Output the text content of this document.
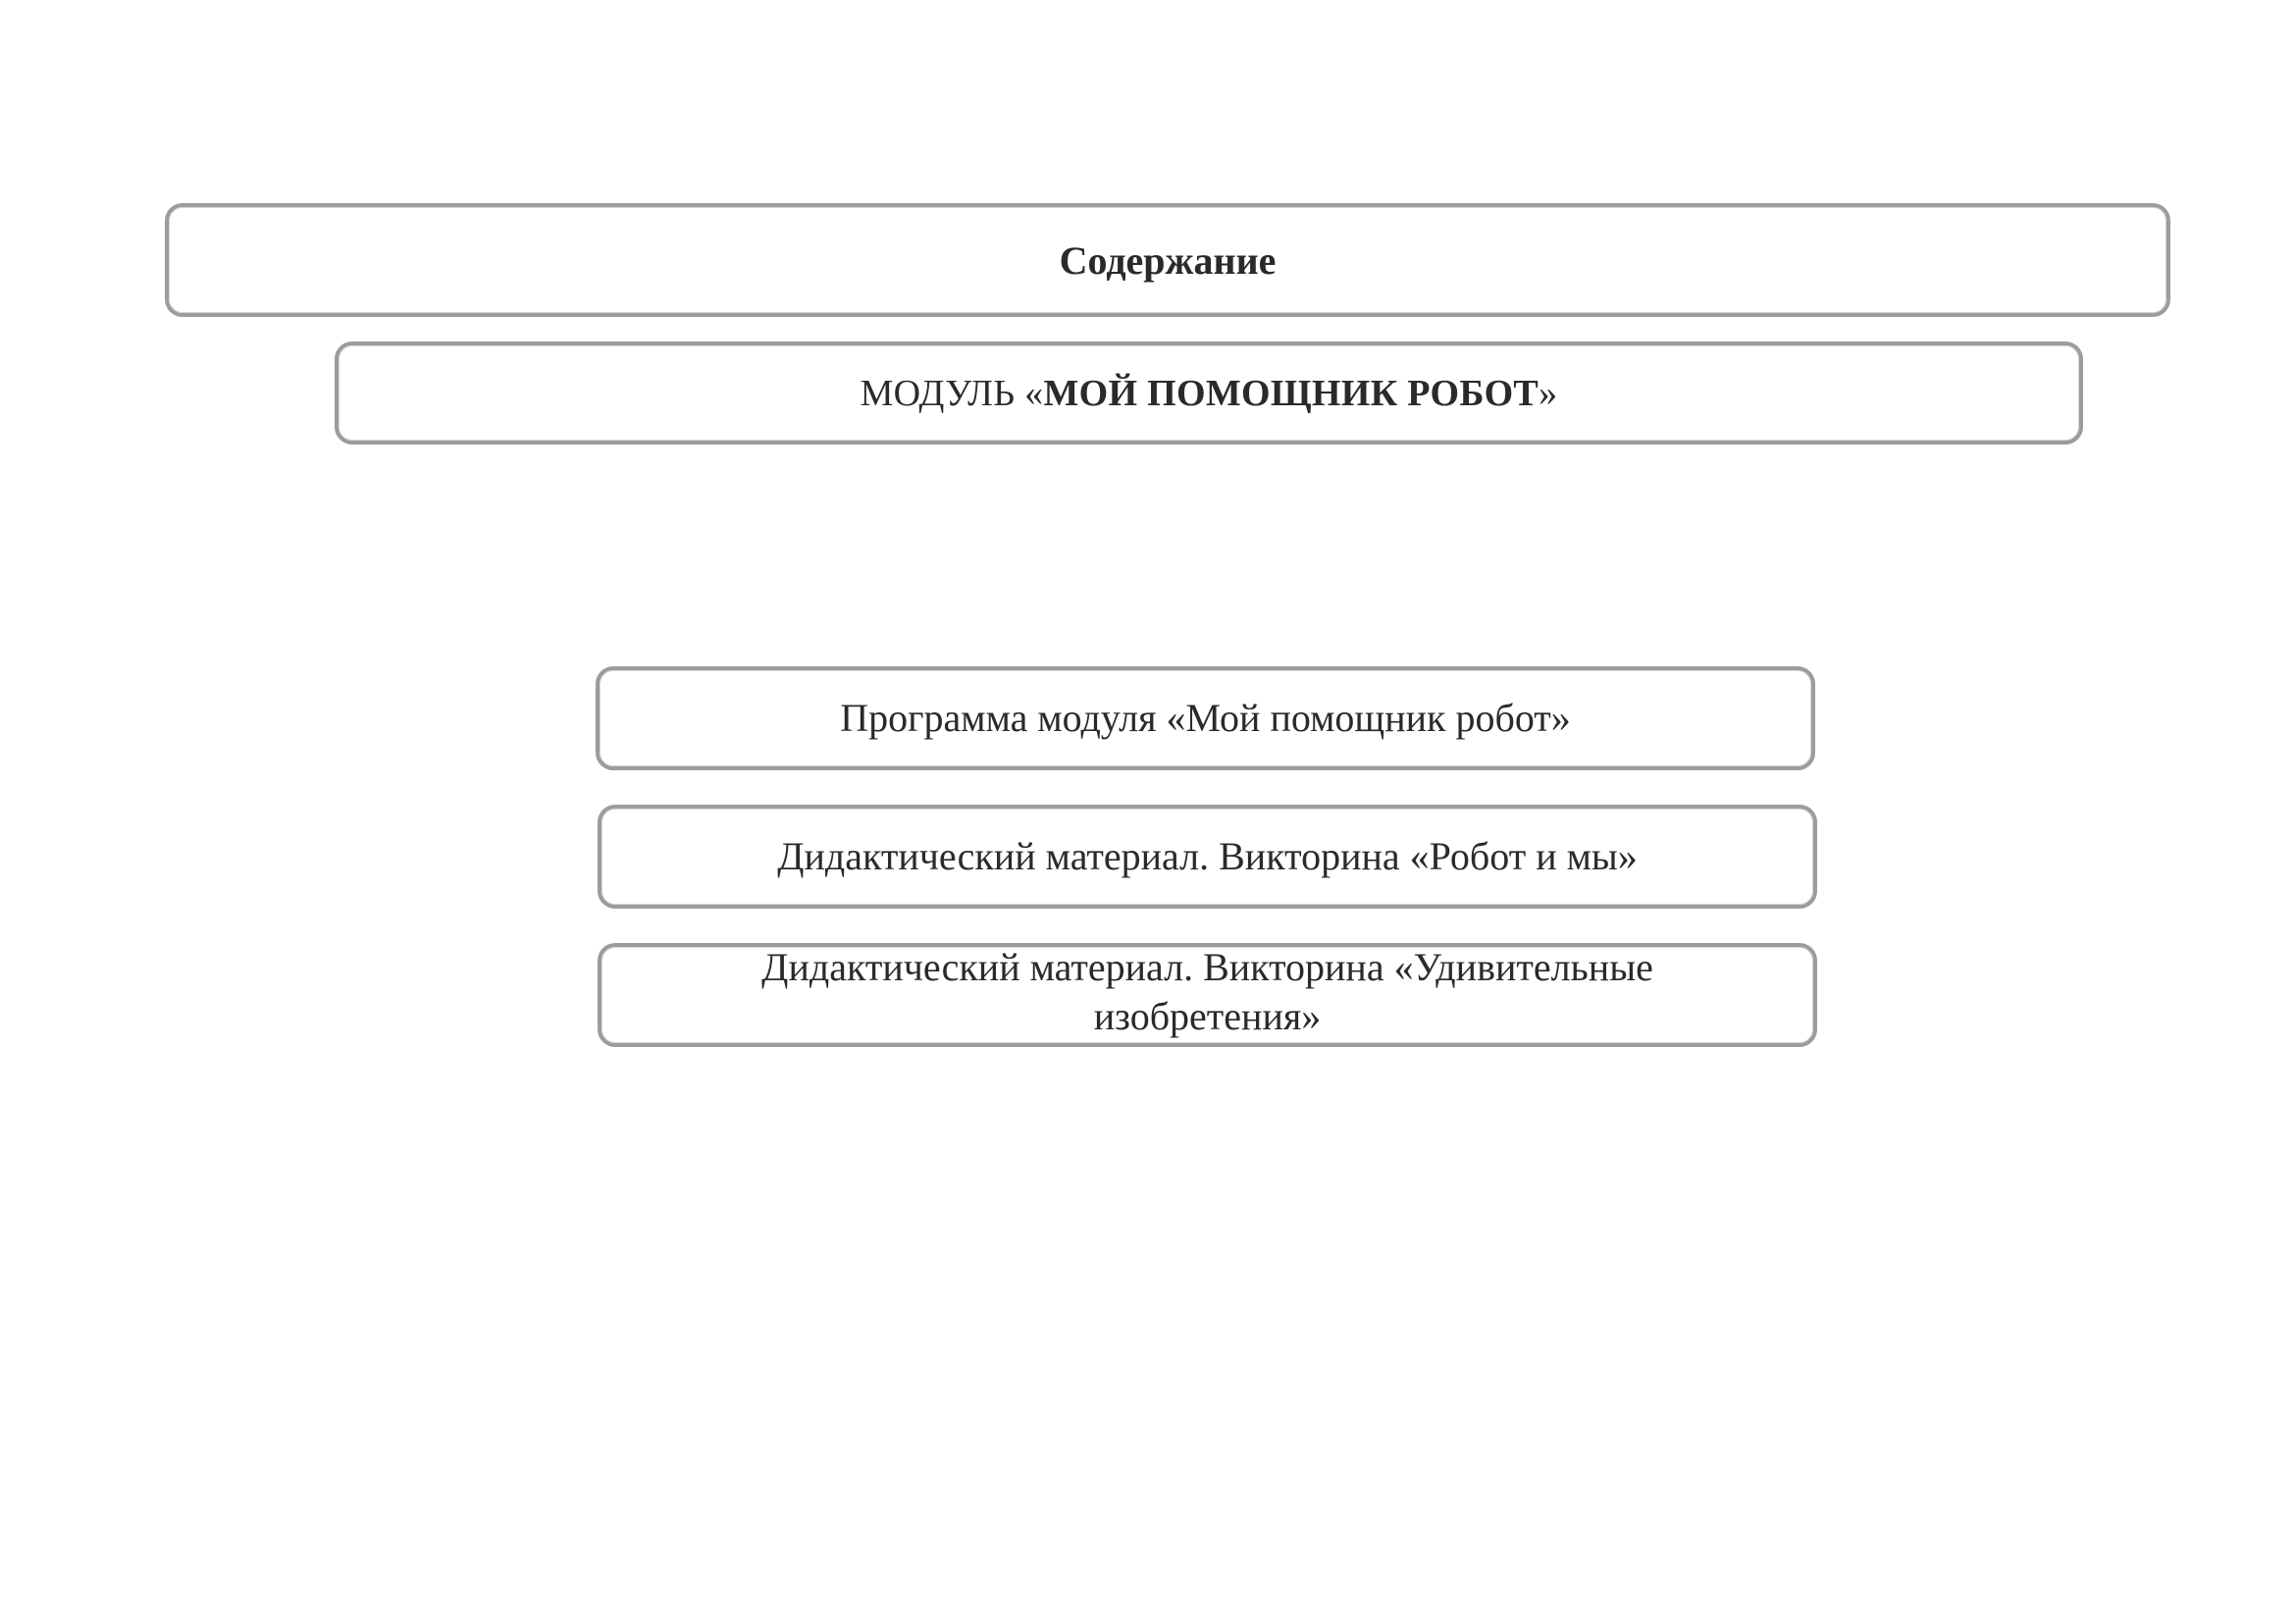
Содержание
МОДУЛЬ «МОЙ ПОМОЩНИК РОБОТ»
Программа модуля «Мой помощник робот»
Дидактический материал. Викторина «Робот и мы»
Дидактический материал. Викторина «Удивительные
изобретения»
